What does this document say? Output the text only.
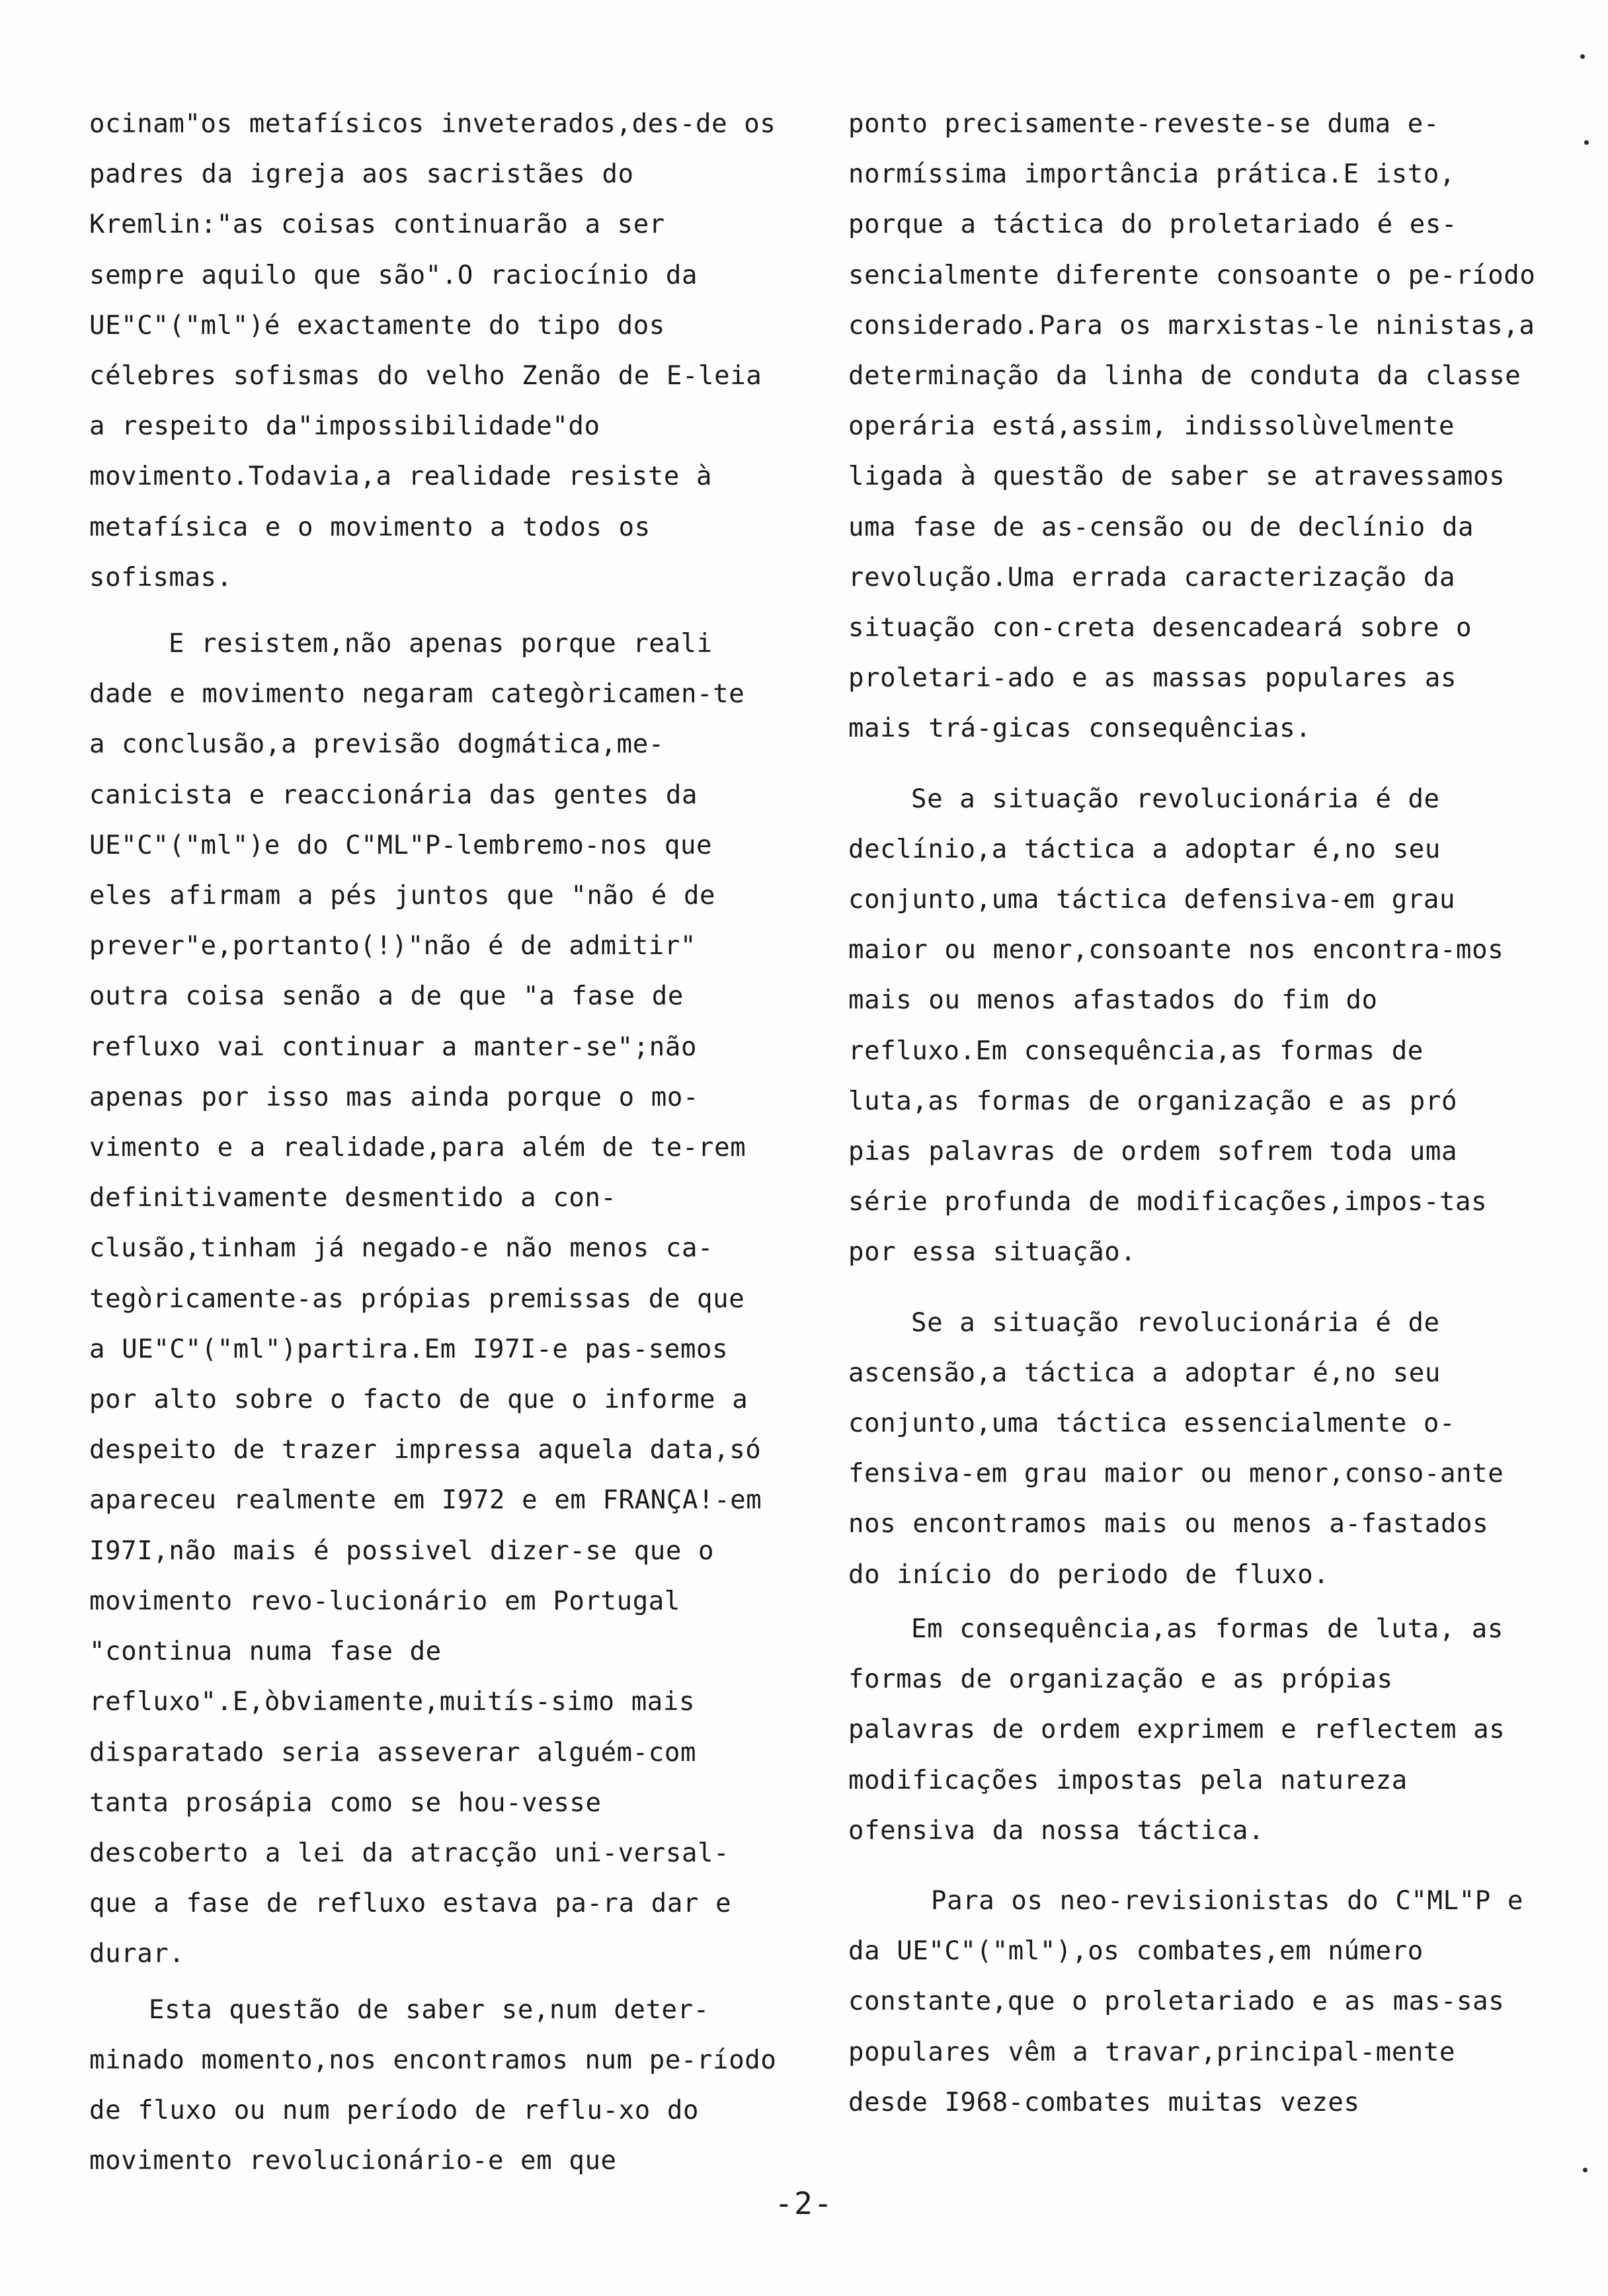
ocinam"os metafísicos inveterados,des-de os padres da igreja aos sacristães do Kremlin:"as coisas continuarão a ser sempre aquilo que são".O raciocínio da UE"C"("ml")é exactamente do tipo dos célebres sofismas do velho Zenão de E-leia a respeito da"impossibilidade"do movimento.Todavia,a realidade resiste à metafísica e o movimento a todos os sofismas.

E resistem,não apenas porque reali dade e movimento negaram categòricamen-te a conclusão,a previsão dogmática,me-canicista e reaccionária das gentes da UE"C"("ml")e do C"ML"P-lembremo-nos que eles afirmam a pés juntos que "não é de prever"e,portanto(!)"não é de admitir" outra coisa senão a de que "a fase de refluxo vai continuar a manter-se";não apenas por isso mas ainda porque o mo-vimento e a realidade,para além de te-rem definitivamente desmentido a con-clusão,tinham já negado-e não menos ca-tegòricamente-as própias premissas de que a UE"C"("ml")partira.Em I97I-e pas-semos por alto sobre o facto de que o informe a despeito de trazer impressa aquela data,só apareceu realmente em I972 e em FRANÇA!-em I97I,não mais é possivel dizer-se que o movimento revo-lucionário em Portugal "continua numa fase de refluxo".E,òbviamente,muitís-simo mais disparatado seria asseverar alguém-com tanta prosápia como se hou-vesse descoberto a lei da atracção uni-versal-que a fase de refluxo estava pa-ra dar e durar.

Esta questão de saber se,num deter-minado momento,nos encontramos num pe-ríodo de fluxo ou num período de reflu-xo do movimento revolucionário-e em que

ponto precisamente-reveste-se duma e-normíssima importância prática.E isto, porque a táctica do proletariado é es-sencialmente diferente consoante o pe-ríodo considerado.Para os marxistas-le ninistas,a determinação da linha de conduta da classe operária está,assim, indissolùvelmente ligada à questão de saber se atravessamos uma fase de as-censão ou de declínio da revolução.Uma errada caracterização da situação con-creta desencadeará sobre o proletari-ado e as massas populares as mais trá-gicas consequências.

Se a situação revolucionária é de declínio,a táctica a adoptar é,no seu conjunto,uma táctica defensiva-em grau maior ou menor,consoante nos encontra-mos mais ou menos afastados do fim do refluxo.Em consequência,as formas de luta,as formas de organização e as pró pias palavras de ordem sofrem toda uma série profunda de modificações,impos-tas por essa situação.

Se a situação revolucionária é de ascensão,a táctica a adoptar é,no seu conjunto,uma táctica essencialmente o-fensiva-em grau maior ou menor,conso-ante nos encontramos mais ou menos a-fastados do início do periodo de fluxo.

Em consequência,as formas de luta, as formas de organização e as própias palavras de ordem exprimem e reflectem as modificações impostas pela natureza ofensiva da nossa táctica.

Para os neo-revisionistas do C"ML"P e da UE"C"("ml"),os combates,em número constante,que o proletariado e as mas-sas populares vêm a travar,principal-mente desde I968-combates muitas vezes

-2-
